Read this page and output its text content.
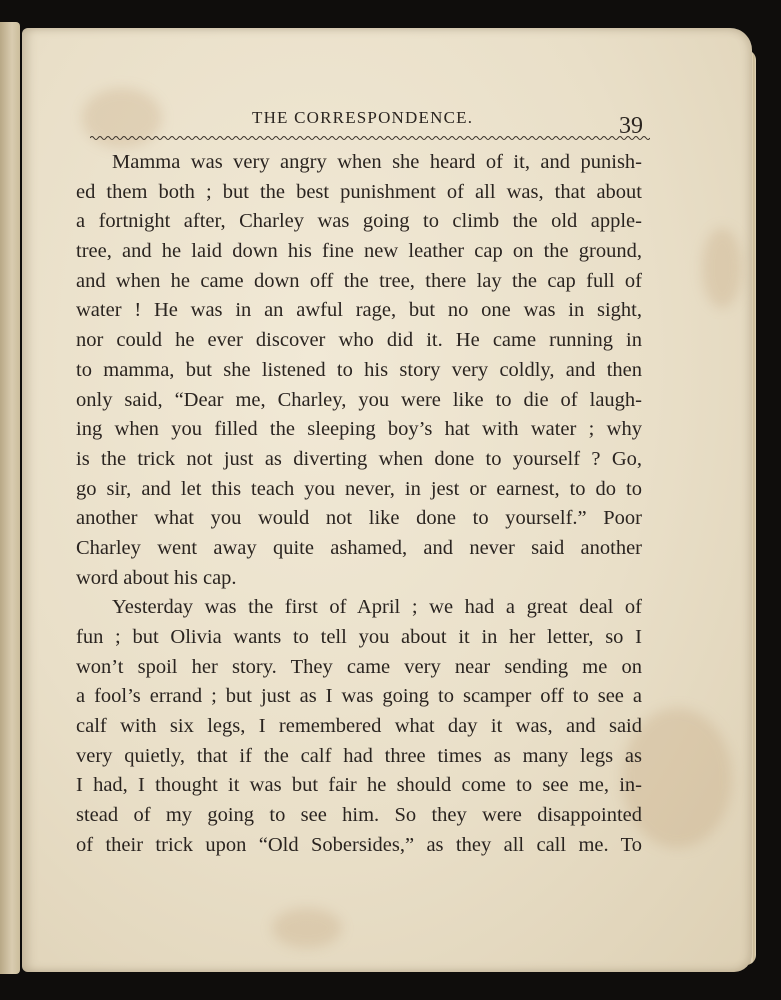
THE CORRESPONDENCE.	39
Mamma was very angry when she heard of it, and punish-
ed them both ; but the best punishment of all was, that about
a fortnight after, Charley was going to climb the old apple-
tree, and he laid down his fine new leather cap on the ground,
and when he came down off the tree, there lay the cap full of
water ! He was in an awful rage, but no one was in sight,
nor could he ever discover who did it. He came running in
to mamma, but she listened to his story very coldly, and then
only said, “Dear me, Charley, you were like to die of laugh-
ing when you filled the sleeping boy’s hat with water ; why
is the trick not just as diverting when done to yourself ? Go,
go sir, and let this teach you never, in jest or earnest, to do to
another what you would not like done to yourself.” Poor
Charley went away quite ashamed, and never said another
word about his cap.
Yesterday was the first of April ; we had a great deal of
fun ; but Olivia wants to tell you about it in her letter, so I
won’t spoil her story. They came very near sending me on
a fool’s errand ; but just as I was going to scamper off to see a
calf with six legs, I remembered what day it was, and said
very quietly, that if the calf had three times as many legs as
I had, I thought it was but fair he should come to see me, in-
stead of my going to see him. So they were disappointed
of their trick upon “Old Sobersides,” as they all call me. To
